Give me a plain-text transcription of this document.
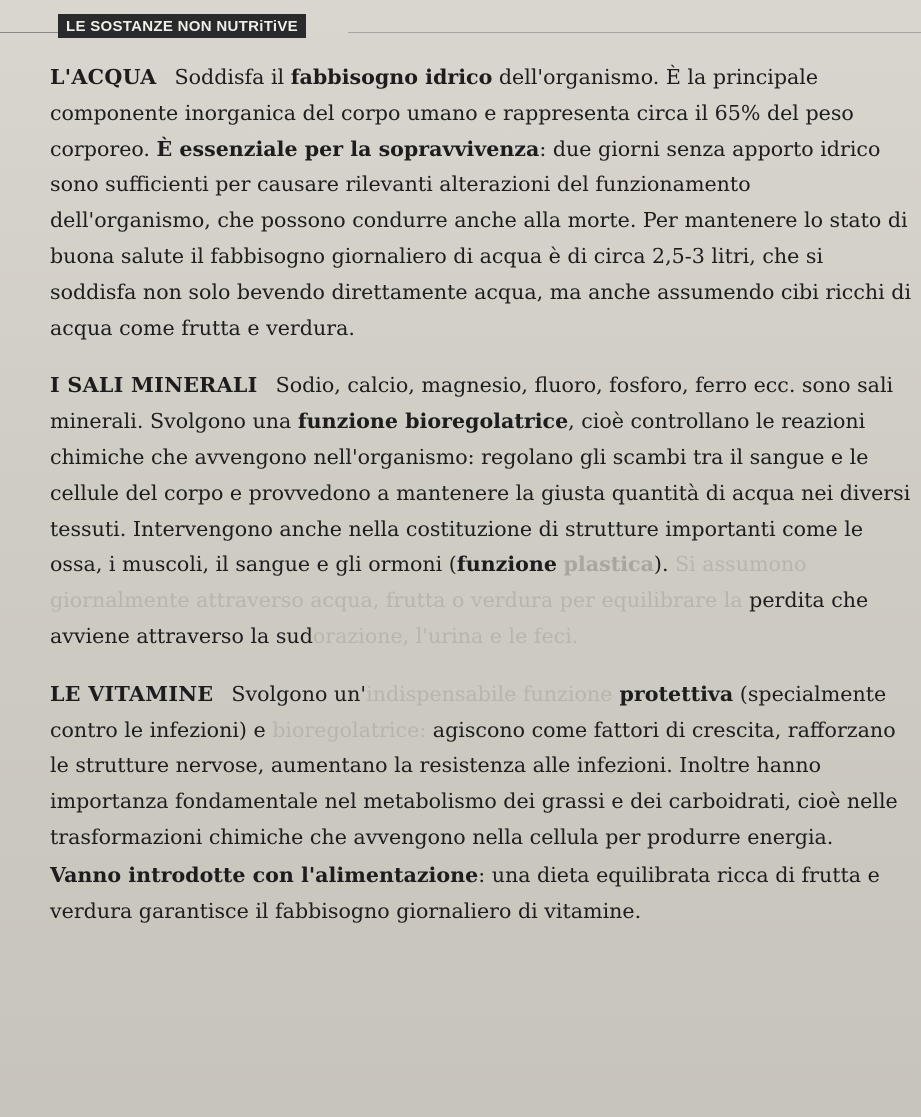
LE SOSTANZE NON NUTRiTiVE

L'ACQUA Soddisfa il fabbisogno idrico dell'organismo. È la principale componente inorganica del corpo umano e rappresenta circa il 65% del peso corporeo. È essenziale per la sopravvivenza: due giorni senza apporto idrico sono sufficienti per causare rilevanti alterazioni del funzionamento dell'organismo, che possono condurre anche alla morte. Per mantenere lo stato di buona salute il fabbisogno giornaliero di acqua è di circa 2,5-3 litri, che si soddisfa non solo bevendo direttamente acqua, ma anche assumendo cibi ricchi di acqua come frutta e verdura.

I SALI MINERALI Sodio, calcio, magnesio, fluoro, fosforo, ferro ecc. sono sali minerali. Svolgono una funzione bioregolatrice, cioè controllano le reazioni chimiche che avvengono nell'organismo: regolano gli scambi tra il sangue e le cellule del corpo e provvedono a mantenere la giusta quantità di acqua nei diversi tessuti. Intervengono anche nella costituzione di strutture importanti come le ossa, i muscoli, il sangue e gli ormoni (funzione plastica). Si assumono giornalmente attraverso acqua, frutta o verdura per equilibrare la perdita che avviene attraverso la sudorazione, l'urina e le feci.

LE VITAMINE Svolgono un'indispensabile funzione protettiva (specialmente contro le infezioni) e bioregolatrice: agiscono come fattori di crescita, rafforzano le strutture nervose, aumentano la resistenza alle infezioni. Inoltre hanno importanza fondamentale nel metabolismo dei grassi e dei carboidrati, cioè nelle trasformazioni chimiche che avvengono nella cellula per produrre energia.

Vanno introdotte con l'alimentazione: una dieta equilibrata ricca di frutta e verdura garantisce il fabbisogno giornaliero di vitamine.
